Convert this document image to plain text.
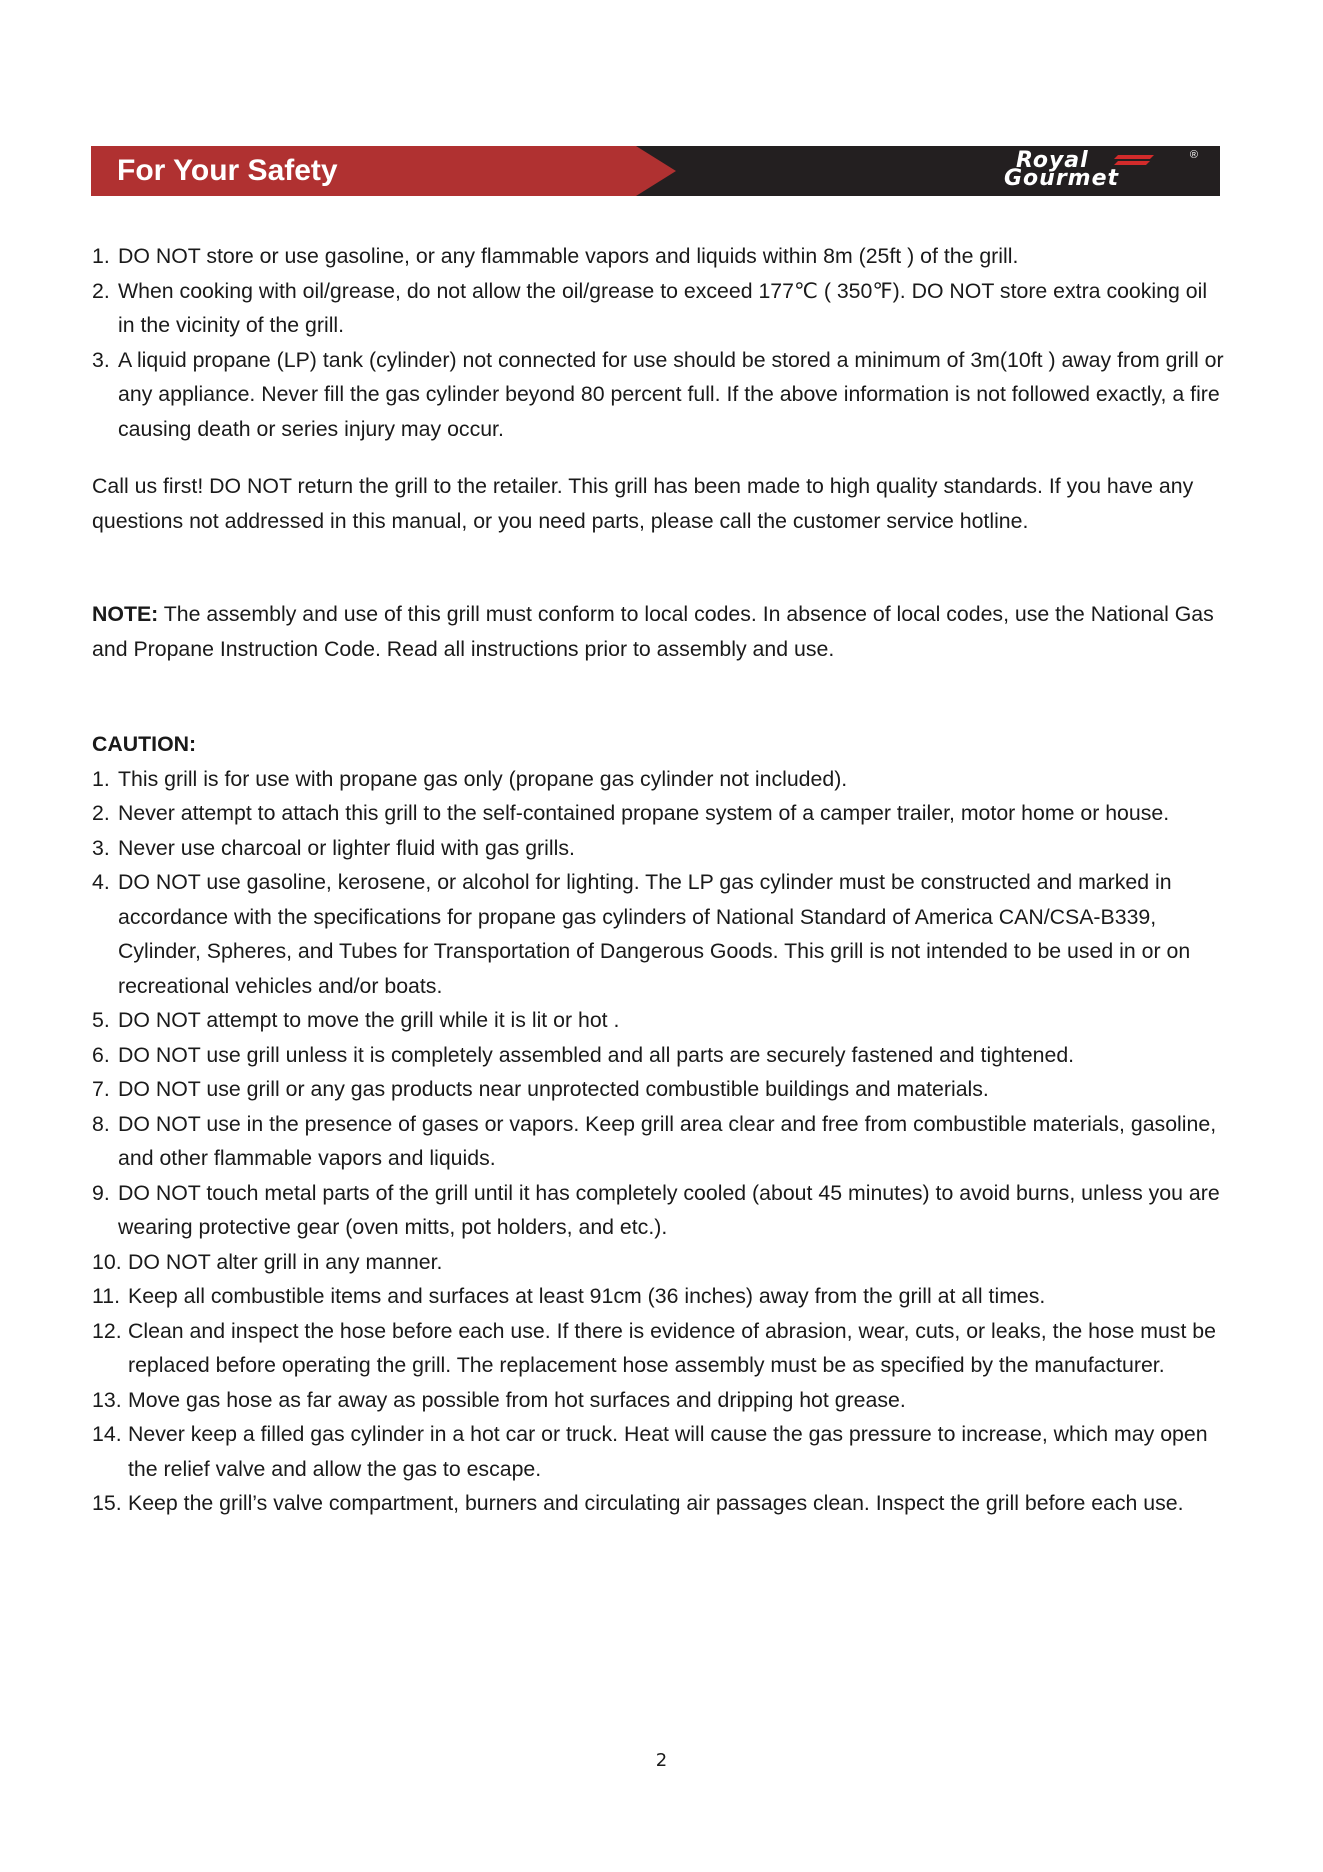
For Your Safety	Royal
Gourmet
®
1. DO NOT store or use gasoline, or any flammable vapors and liquids within 8m (25ft ) of the grill.
2. When cooking with oil/grease, do not allow the oil/grease to exceed 177℃ ( 350℉). DO NOT store extra cooking oil in the vicinity of the grill.
3. A liquid propane (LP) tank (cylinder) not connected for use should be stored a minimum of 3m(10ft ) away from grill or any appliance. Never fill the gas cylinder beyond 80 percent full. If the above information is not followed exactly, a fire causing death or series injury may occur.

Call us first! DO NOT return the grill to the retailer. This grill has been made to high quality standards. If you have any questions not addressed in this manual, or you need parts, please call the customer service hotline.

NOTE: The assembly and use of this grill must conform to local codes. In absence of local codes, use the National Gas and Propane Instruction Code. Read all instructions prior to assembly and use.

CAUTION:
1. This grill is for use with propane gas only (propane gas cylinder not included).
2. Never attempt to attach this grill to the self-contained propane system of a camper trailer, motor home or house.
3. Never use charcoal or lighter fluid with gas grills.
4. DO NOT use gasoline, kerosene, or alcohol for lighting. The LP gas cylinder must be constructed and marked in accordance with the specifications for propane gas cylinders of National Standard of America CAN/CSA-B339, Cylinder, Spheres, and Tubes for Transportation of Dangerous Goods. This grill is not intended to be used in or on recreational vehicles and/or boats.
5. DO NOT attempt to move the grill while it is lit or hot .
6. DO NOT use grill unless it is completely assembled and all parts are securely fastened and tightened.
7. DO NOT use grill or any gas products near unprotected combustible buildings and materials.
8. DO NOT use in the presence of gases or vapors. Keep grill area clear and free from combustible materials, gasoline, and other flammable vapors and liquids.
9. DO NOT touch metal parts of the grill until it has completely cooled (about 45 minutes) to avoid burns, unless you are wearing protective gear (oven mitts, pot holders, and etc.).
10. DO NOT alter grill in any manner.
11. Keep all combustible items and surfaces at least 91cm (36 inches) away from the grill at all times.
12. Clean and inspect the hose before each use. If there is evidence of abrasion, wear, cuts, or leaks, the hose must be replaced before operating the grill. The replacement hose assembly must be as specified by the manufacturer.
13. Move gas hose as far away as possible from hot surfaces and dripping hot grease.
14. Never keep a filled gas cylinder in a hot car or truck. Heat will cause the gas pressure to increase, which may open the relief valve and allow the gas to escape.
15. Keep the grill’s valve compartment, burners and circulating air passages clean. Inspect the grill before each use.
2
